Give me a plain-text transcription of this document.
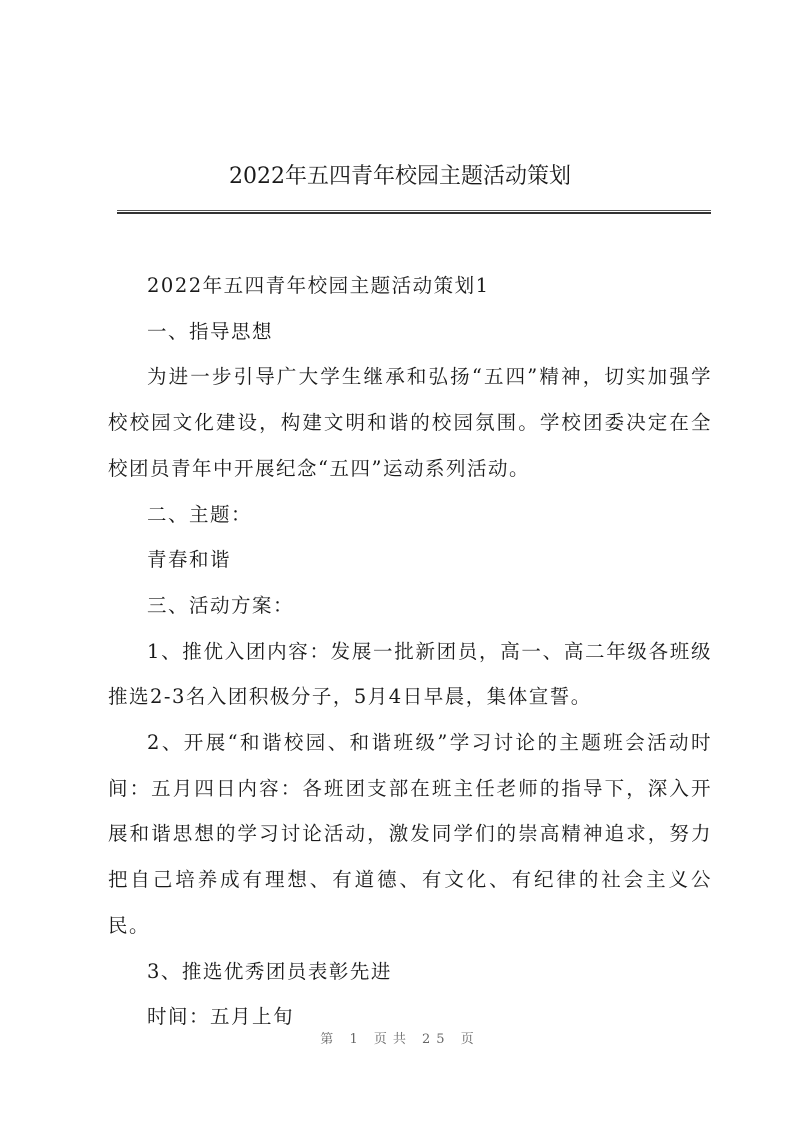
2022年五四青年校园主题活动策划

2022年五四青年校园主题活动策划1

一、指导思想

为进一步引导广大学生继承和弘扬“五四”精神，切实加强学校校园文化建设，构建文明和谐的校园氛围。学校团委决定在全校团员青年中开展纪念“五四”运动系列活动。

二、主题：

青春和谐

三、活动方案：

1、推优入团内容：发展一批新团员，高一、高二年级各班级推选2-3名入团积极分子，5月4日早晨，集体宣誓。

2、开展“和谐校园、和谐班级”学习讨论的主题班会活动时间：五月四日内容：各班团支部在班主任老师的指导下，深入开展和谐思想的学习讨论活动，激发同学们的崇高精神追求，努力把自己培养成有理想、有道德、有文化、有纪律的社会主义公民。

3、推选优秀团员表彰先进

时间：五月上旬

第 1 页共 25 页
